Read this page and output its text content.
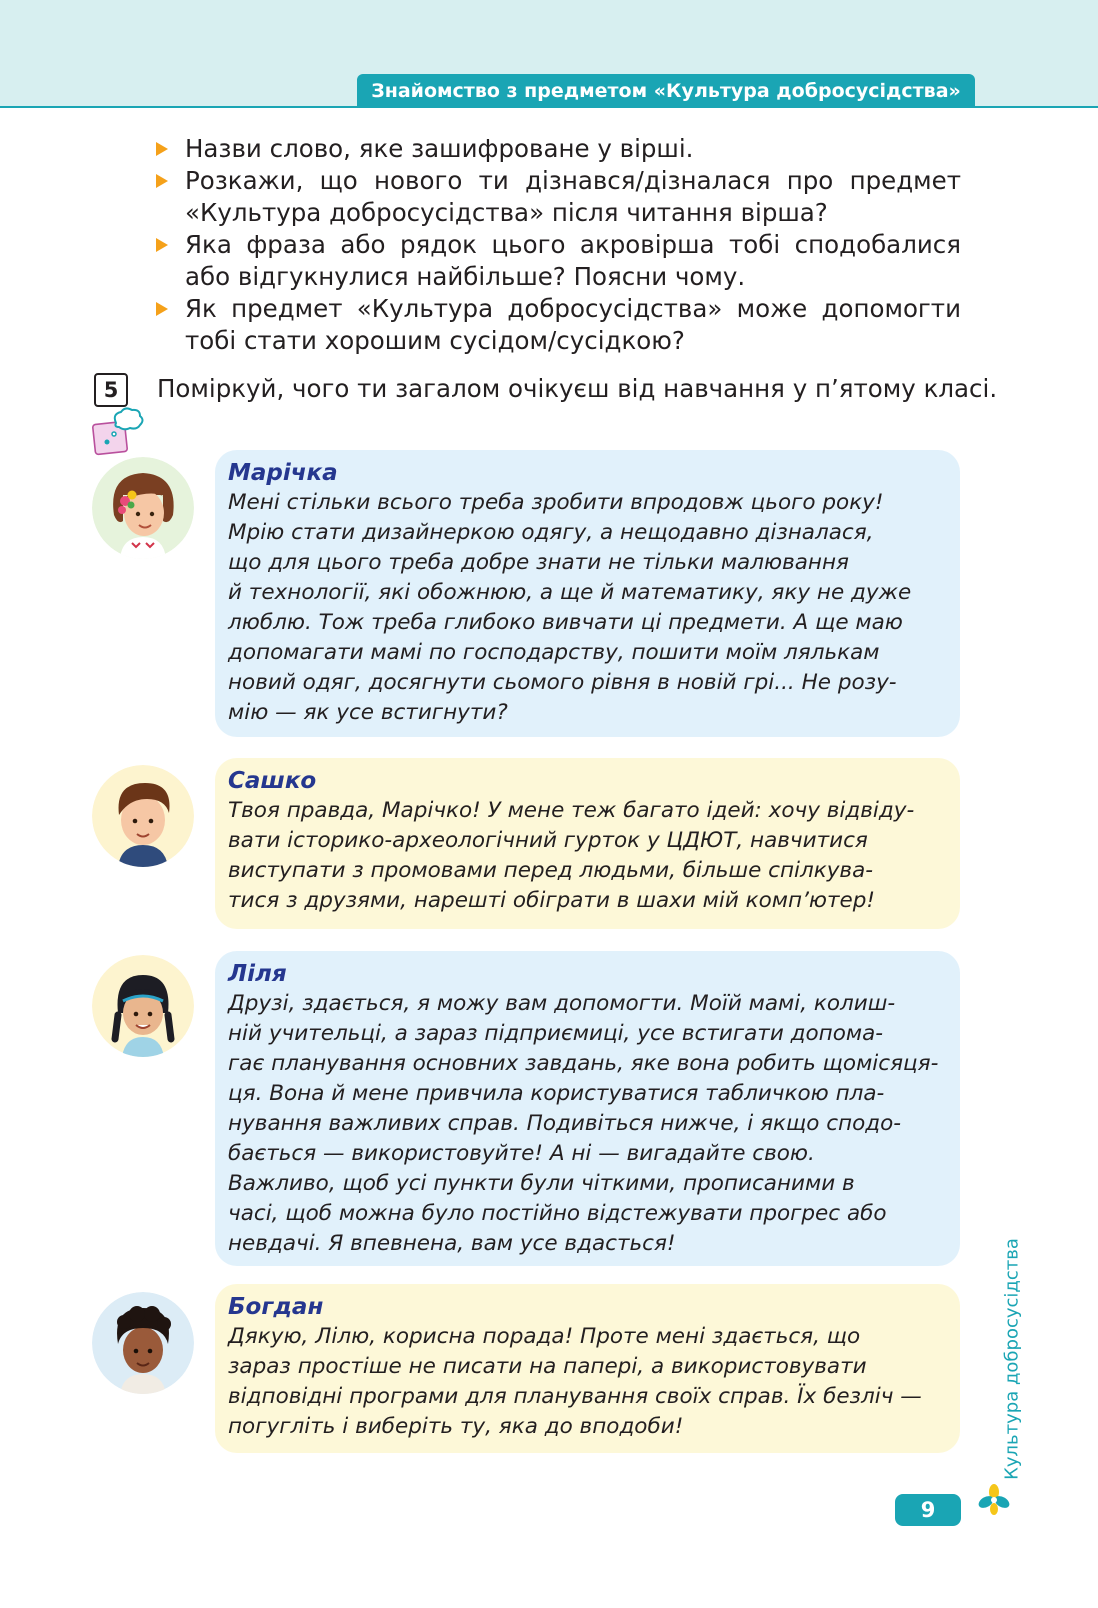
Знайомство з предметом «Культура добросусідства»
Назви слово, яке зашифроване у вірші.
Розкажи, що нового ти дізнався/дізналася про предмет «Культура добросусідства» після читання вірша?
Яка фраза або рядок цього акровірша тобі сподобалися або відгукнулися найбільше? Поясни чому.
Як предмет «Культура добросусідства» може допомогти тобі стати хорошим сусідом/сусідкою?
5	Поміркуй, чого ти загалом очікуєш від навчання у п’ятому класі.
Марічка
Мені стільки всього треба зробити впродовж цього року!
Мрію стати дизайнеркою одягу, а нещодавно дізналася,
що для цього треба добре знати не тільки малювання
й технології, які обожнюю, а ще й математику, яку не дуже
люблю. Тож треба глибоко вивчати ці предмети. А ще маю
допомагати мамі по господарству, пошити моїм лялькам
новий одяг, досягнути сьомого рівня в новій грі... Не розу-
мію — як усе встигнути?
Сашко
Твоя правда, Марічко! У мене теж багато ідей: хочу відвіду-
вати історико-археологічний гурток у ЦДЮТ, навчитися
виступати з промовами перед людьми, більше спілкува-
тися з друзями, нарешті обіграти в шахи мій комп’ютер!
Ліля
Друзі, здається, я можу вам допомогти. Моїй мамі, колиш-
ній учительці, а зараз підприємиці, усе встигати допома-
гає планування основних завдань, яке вона робить щомісяця-
ця. Вона й мене привчила користуватися табличкою пла-
нування важливих справ. Подивіться нижче, і якщо сподо-
бається — використовуйте! А ні — вигадайте свою.
Важливо, щоб усі пункти були чіткими, прописаними в
часі, щоб можна було постійно відстежувати прогрес або
невдачі. Я впевнена, вам усе вдасться!
Богдан
Дякую, Лілю, корисна порада! Проте мені здається, що
зараз простіше не писати на папері, а використовувати
відповідні програми для планування своїх справ. Їх безліч —
погугліть і виберіть ту, яка до вподоби!	Культура добросусідства
9
